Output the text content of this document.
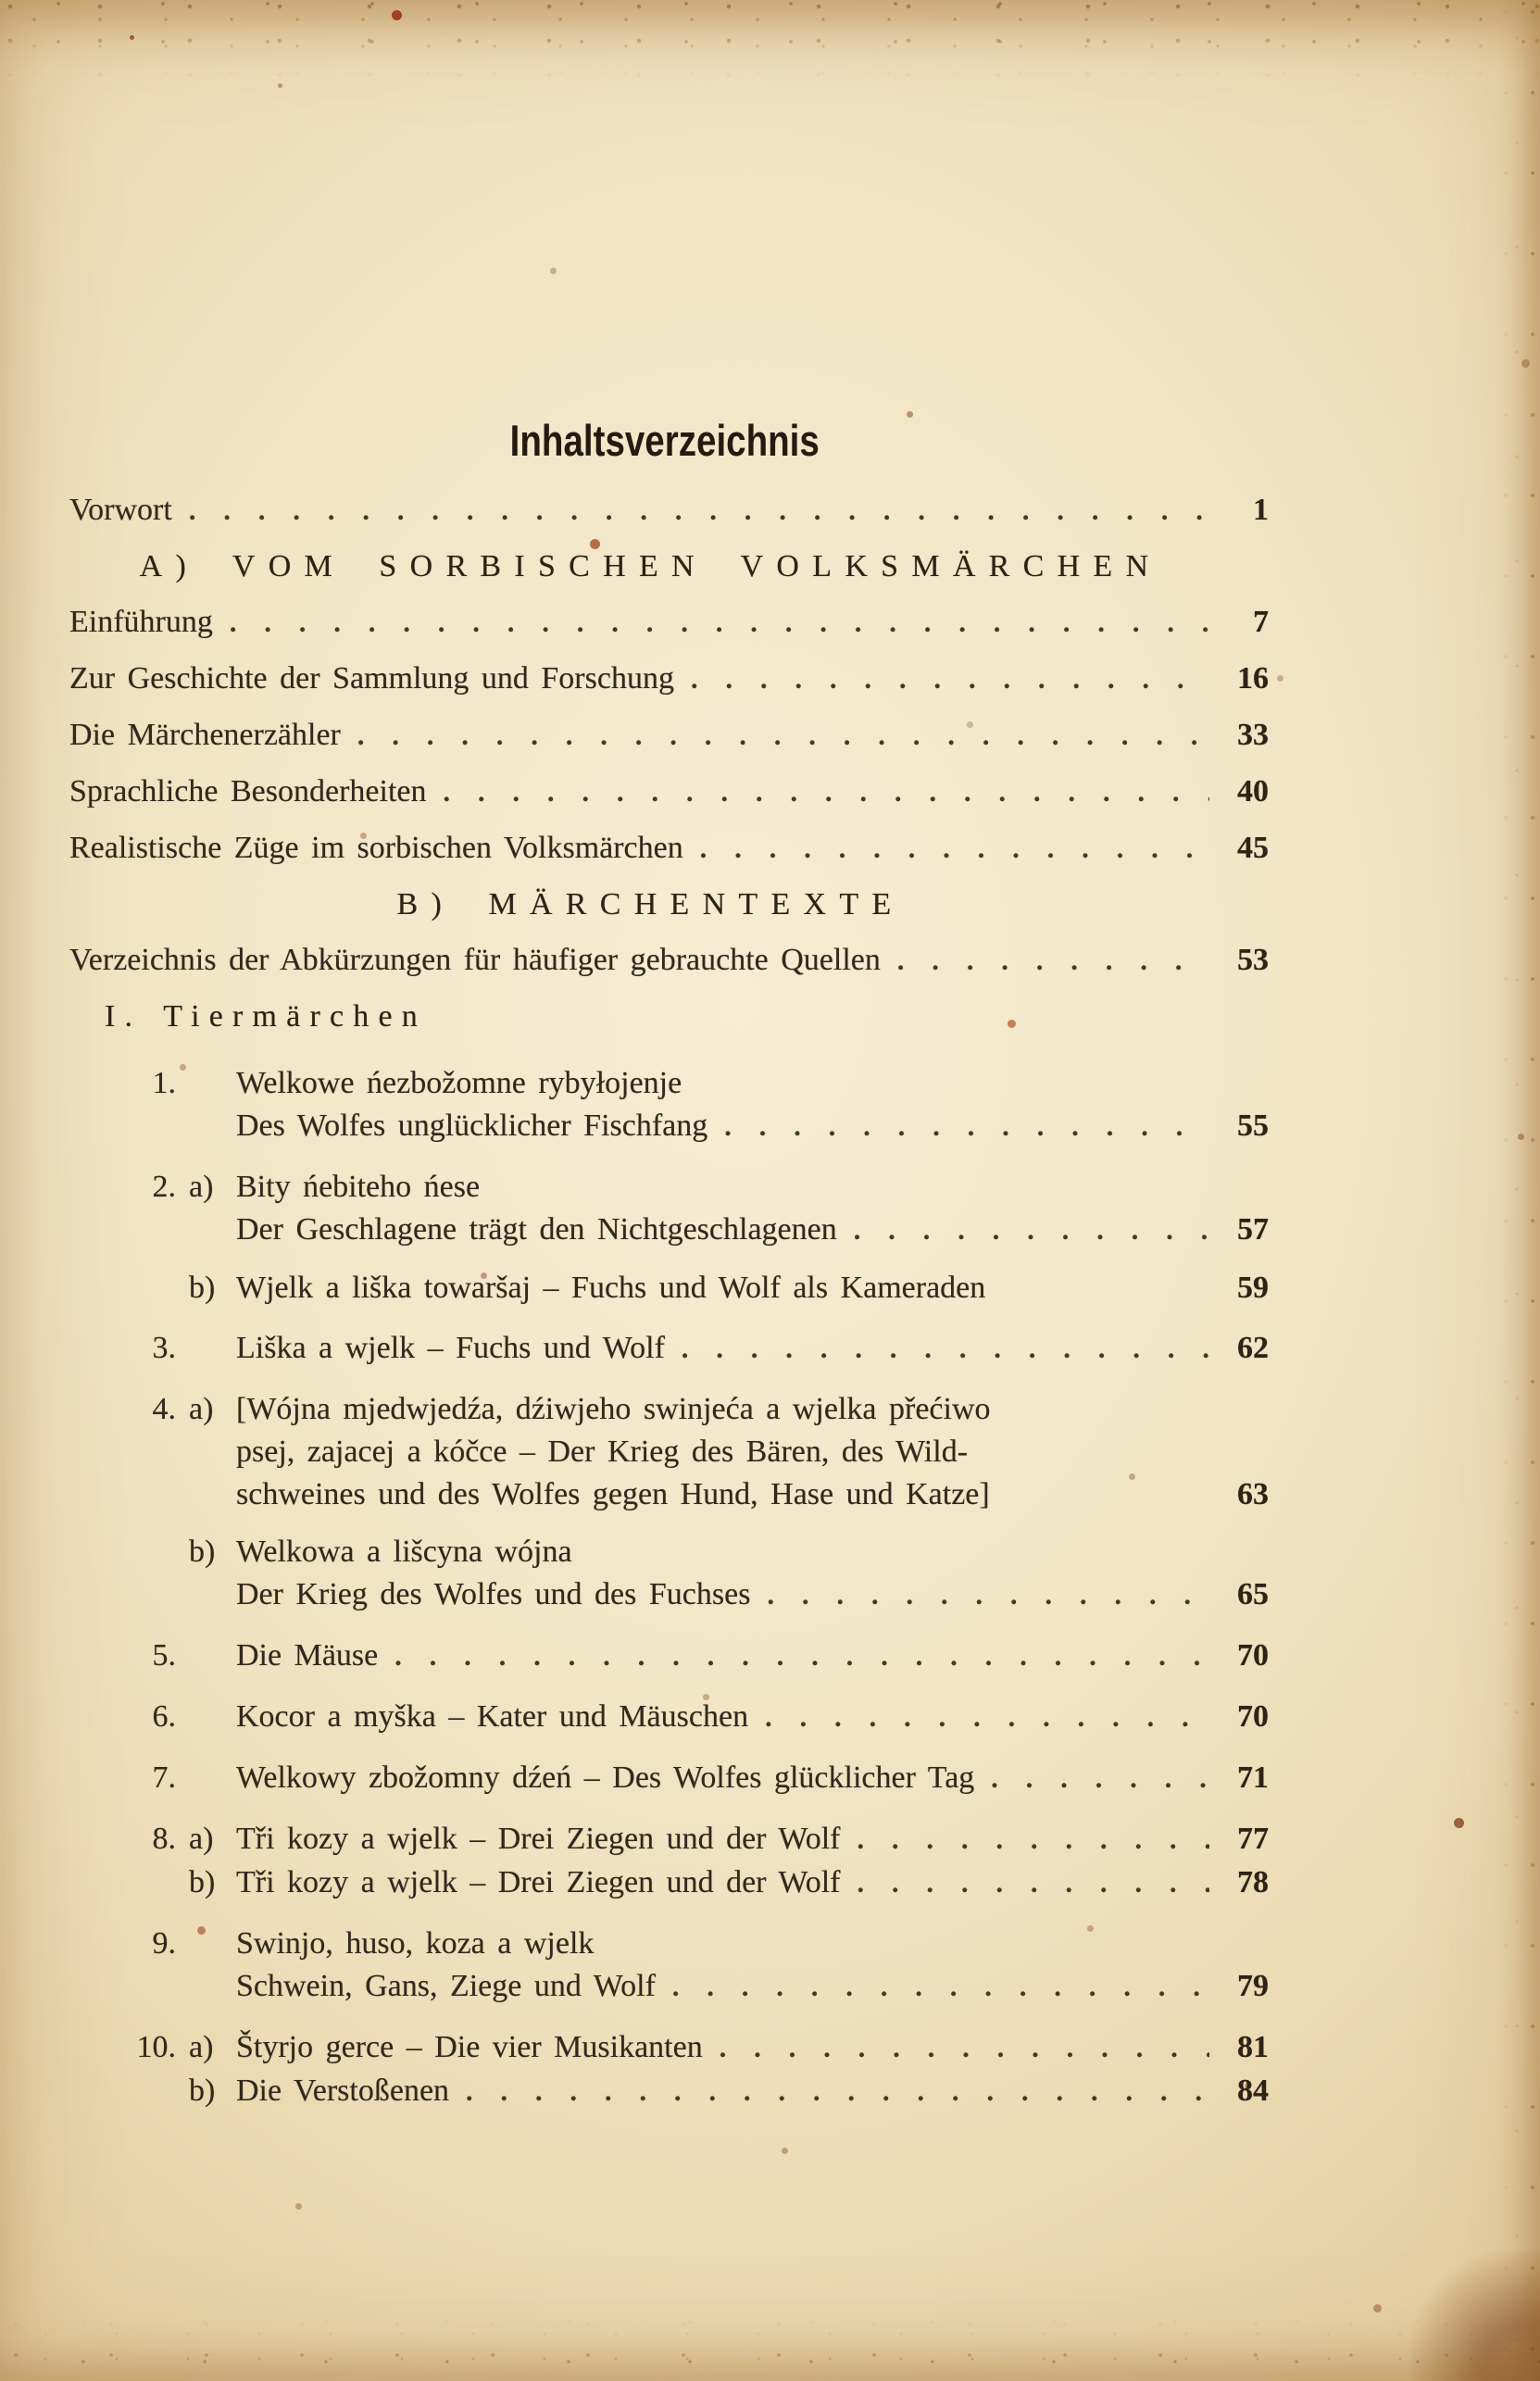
Inhaltsverzeichnis
Vorwort .....	1
A) VOM SORBISCHEN VOLKSMÄRCHEN
Einführung .....	7
Zur Geschichte der Sammlung und Forschung .....	16
Die Märchenerzähler .....	33
Sprachliche Besonderheiten .....	40
Realistische Züge im sorbischen Volksmärchen .....	45
B) MÄRCHENTEXTE
Verzeichnis der Abkürzungen für häufiger gebrauchte Quellen .....	53
I. Tiermärchen
1. Welkowe ńezbožomne rybyłojenje
Des Wolfes unglücklicher Fischfang .....	55
2. a) Bity ńebiteho ńese
Der Geschlagene trägt den Nichtgeschlagenen .....	57
b) Wjelk a liška towaršaj – Fuchs und Wolf als Kameraden	59
3. Liška a wjelk – Fuchs und Wolf .....	62
4. a) [Wójna mjedwjedźa, dźiwjeho swinjeća a wjelka přećiwo
psej, zajacej a kóčce – Der Krieg des Bären, des Wild-
schweines und des Wolfes gegen Hund, Hase und Katze]	63
b) Welkowa a lišcyna wójna
Der Krieg des Wolfes und des Fuchses .....	65
5. Die Mäuse .....	70
6. Kocor a myška – Kater und Mäuschen .....	70
7. Welkowy zbožomny dźeń – Des Wolfes glücklicher Tag .....	71
8. a) Tři kozy a wjelk – Drei Ziegen und der Wolf .....	77
b) Tři kozy a wjelk – Drei Ziegen und der Wolf .....	78
9. Swinjo, huso, koza a wjelk
Schwein, Gans, Ziege und Wolf .....	79
10. a) Štyrjo gerce – Die vier Musikanten .....	81
b) Die Verstoßenen .....	84
